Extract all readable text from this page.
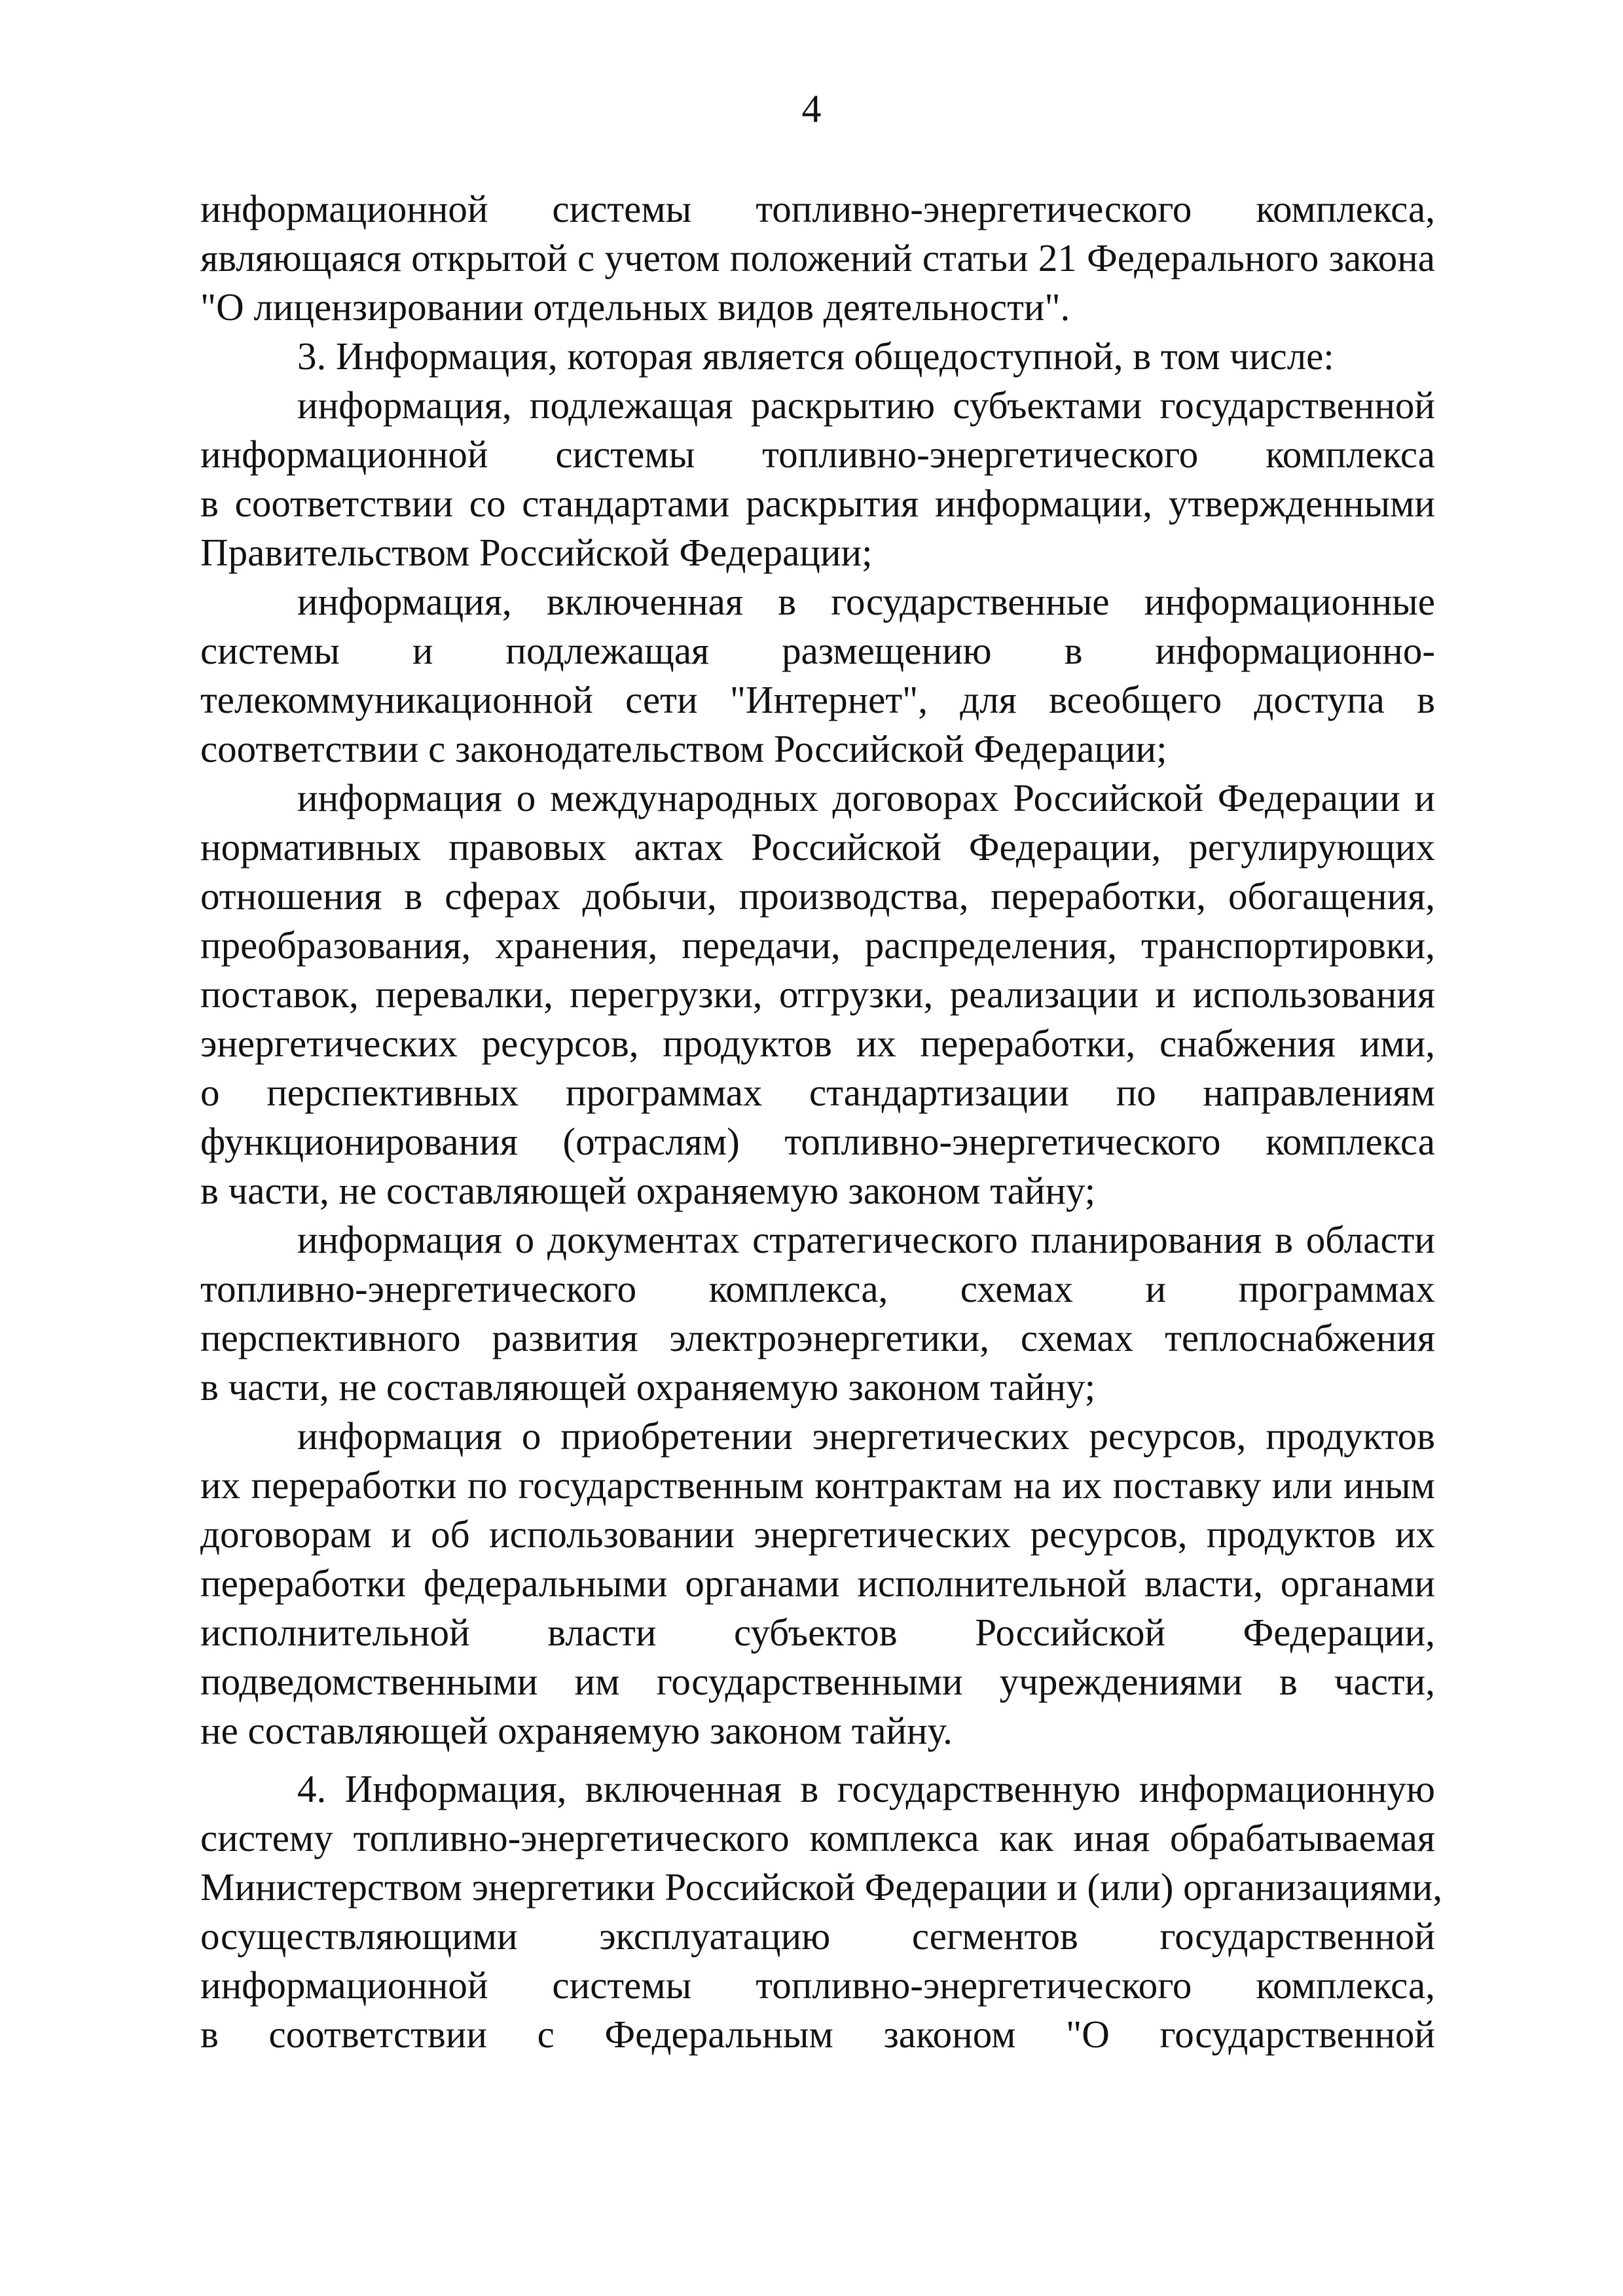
4
информационной системы топливно-энергетического комплекса,
являющаяся открытой с учетом положений статьи 21 Федерального закона
"О лицензировании отдельных видов деятельности".
3. Информация, которая является общедоступной, в том числе:
информация, подлежащая раскрытию субъектами государственной
информационной системы топливно-энергетического комплекса
в соответствии со стандартами раскрытия информации, утвержденными
Правительством Российской Федерации;
информация, включенная в государственные информационные
системы и подлежащая размещению в информационно-
телекоммуникационной сети "Интернет", для всеобщего доступа в
соответствии с законодательством Российской Федерации;
информация о международных договорах Российской Федерации и
нормативных правовых актах Российской Федерации, регулирующих
отношения в сферах добычи, производства, переработки, обогащения,
преобразования, хранения, передачи, распределения, транспортировки,
поставок, перевалки, перегрузки, отгрузки, реализации и использования
энергетических ресурсов, продуктов их переработки, снабжения ими,
о перспективных программах стандартизации по направлениям
функционирования (отраслям) топливно-энергетического комплекса
в части, не составляющей охраняемую законом тайну;
информация о документах стратегического планирования в области
топливно-энергетического комплекса, схемах и программах
перспективного развития электроэнергетики, схемах теплоснабжения
в части, не составляющей охраняемую законом тайну;
информация о приобретении энергетических ресурсов, продуктов
их переработки по государственным контрактам на их поставку или иным
договорам и об использовании энергетических ресурсов, продуктов их
переработки федеральными органами исполнительной власти, органами
исполнительной власти субъектов Российской Федерации,
подведомственными им государственными учреждениями в части,
не составляющей охраняемую законом тайну.
4. Информация, включенная в государственную информационную
систему топливно-энергетического комплекса как иная обрабатываемая
Министерством энергетики Российской Федерации и (или) организациями,
осуществляющими эксплуатацию сегментов государственной
информационной системы топливно-энергетического комплекса,
в соответствии с Федеральным законом "О государственной
